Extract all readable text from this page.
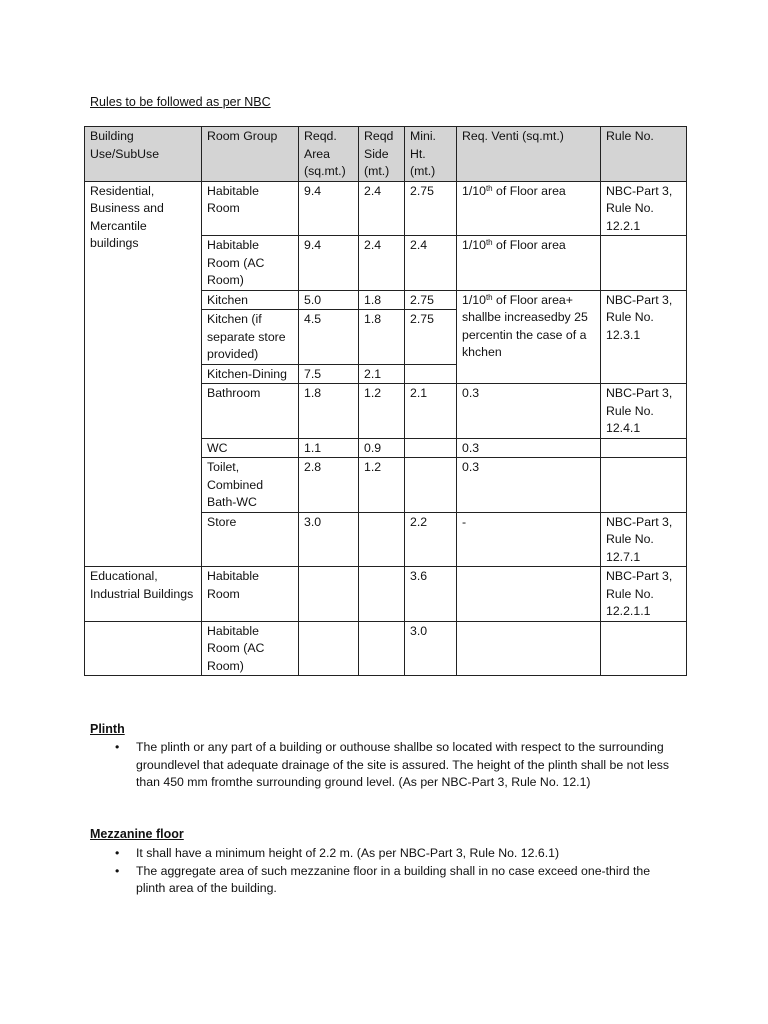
Rules to be followed as per NBC
Building Use/SubUse	Room Group	Reqd. Area (sq.mt.)	Reqd Side (mt.)	Mini. Ht. (mt.)	Req. Venti (sq.mt.)	Rule No.
Residential, Business and Mercantile buildings	Habitable Room	9.4	2.4	2.75	1/10th of Floor area	NBC-Part 3, Rule No. 12.2.1
	Habitable Room (AC Room)	9.4	2.4	2.4	1/10th of Floor area	
	Kitchen	5.0	1.8	2.75	1/10th of Floor area+ shallbe increasedby 25 percentin the case of a khchen	NBC-Part 3, Rule No. 12.3.1
	Kitchen (if separate store provided)	4.5	1.8	2.75		
	Kitchen-Dining	7.5	2.1			
	Bathroom	1.8	1.2	2.1	0.3	NBC-Part 3, Rule No. 12.4.1
	WC	1.1	0.9		0.3	
	Toilet, Combined Bath-WC	2.8	1.2		0.3	
	Store	3.0		2.2	-	NBC-Part 3, Rule No. 12.7.1
Educational, Industrial Buildings	Habitable Room			3.6		NBC-Part 3, Rule No. 12.2.1.1
	Habitable Room (AC Room)			3.0		
Plinth
• The plinth or any part of a building or outhouse shallbe so located with respect to the surrounding groundlevel that adequate drainage of the site is assured. The height of the plinth shall be not less than 450 mm fromthe surrounding ground level. (As per NBC-Part 3, Rule No. 12.1)
Mezzanine floor
• It shall have a minimum height of 2.2 m. (As per NBC-Part 3, Rule No. 12.6.1)
• The aggregate area of such mezzanine floor in a building shall in no case exceed one-third the plinth area of the building.
